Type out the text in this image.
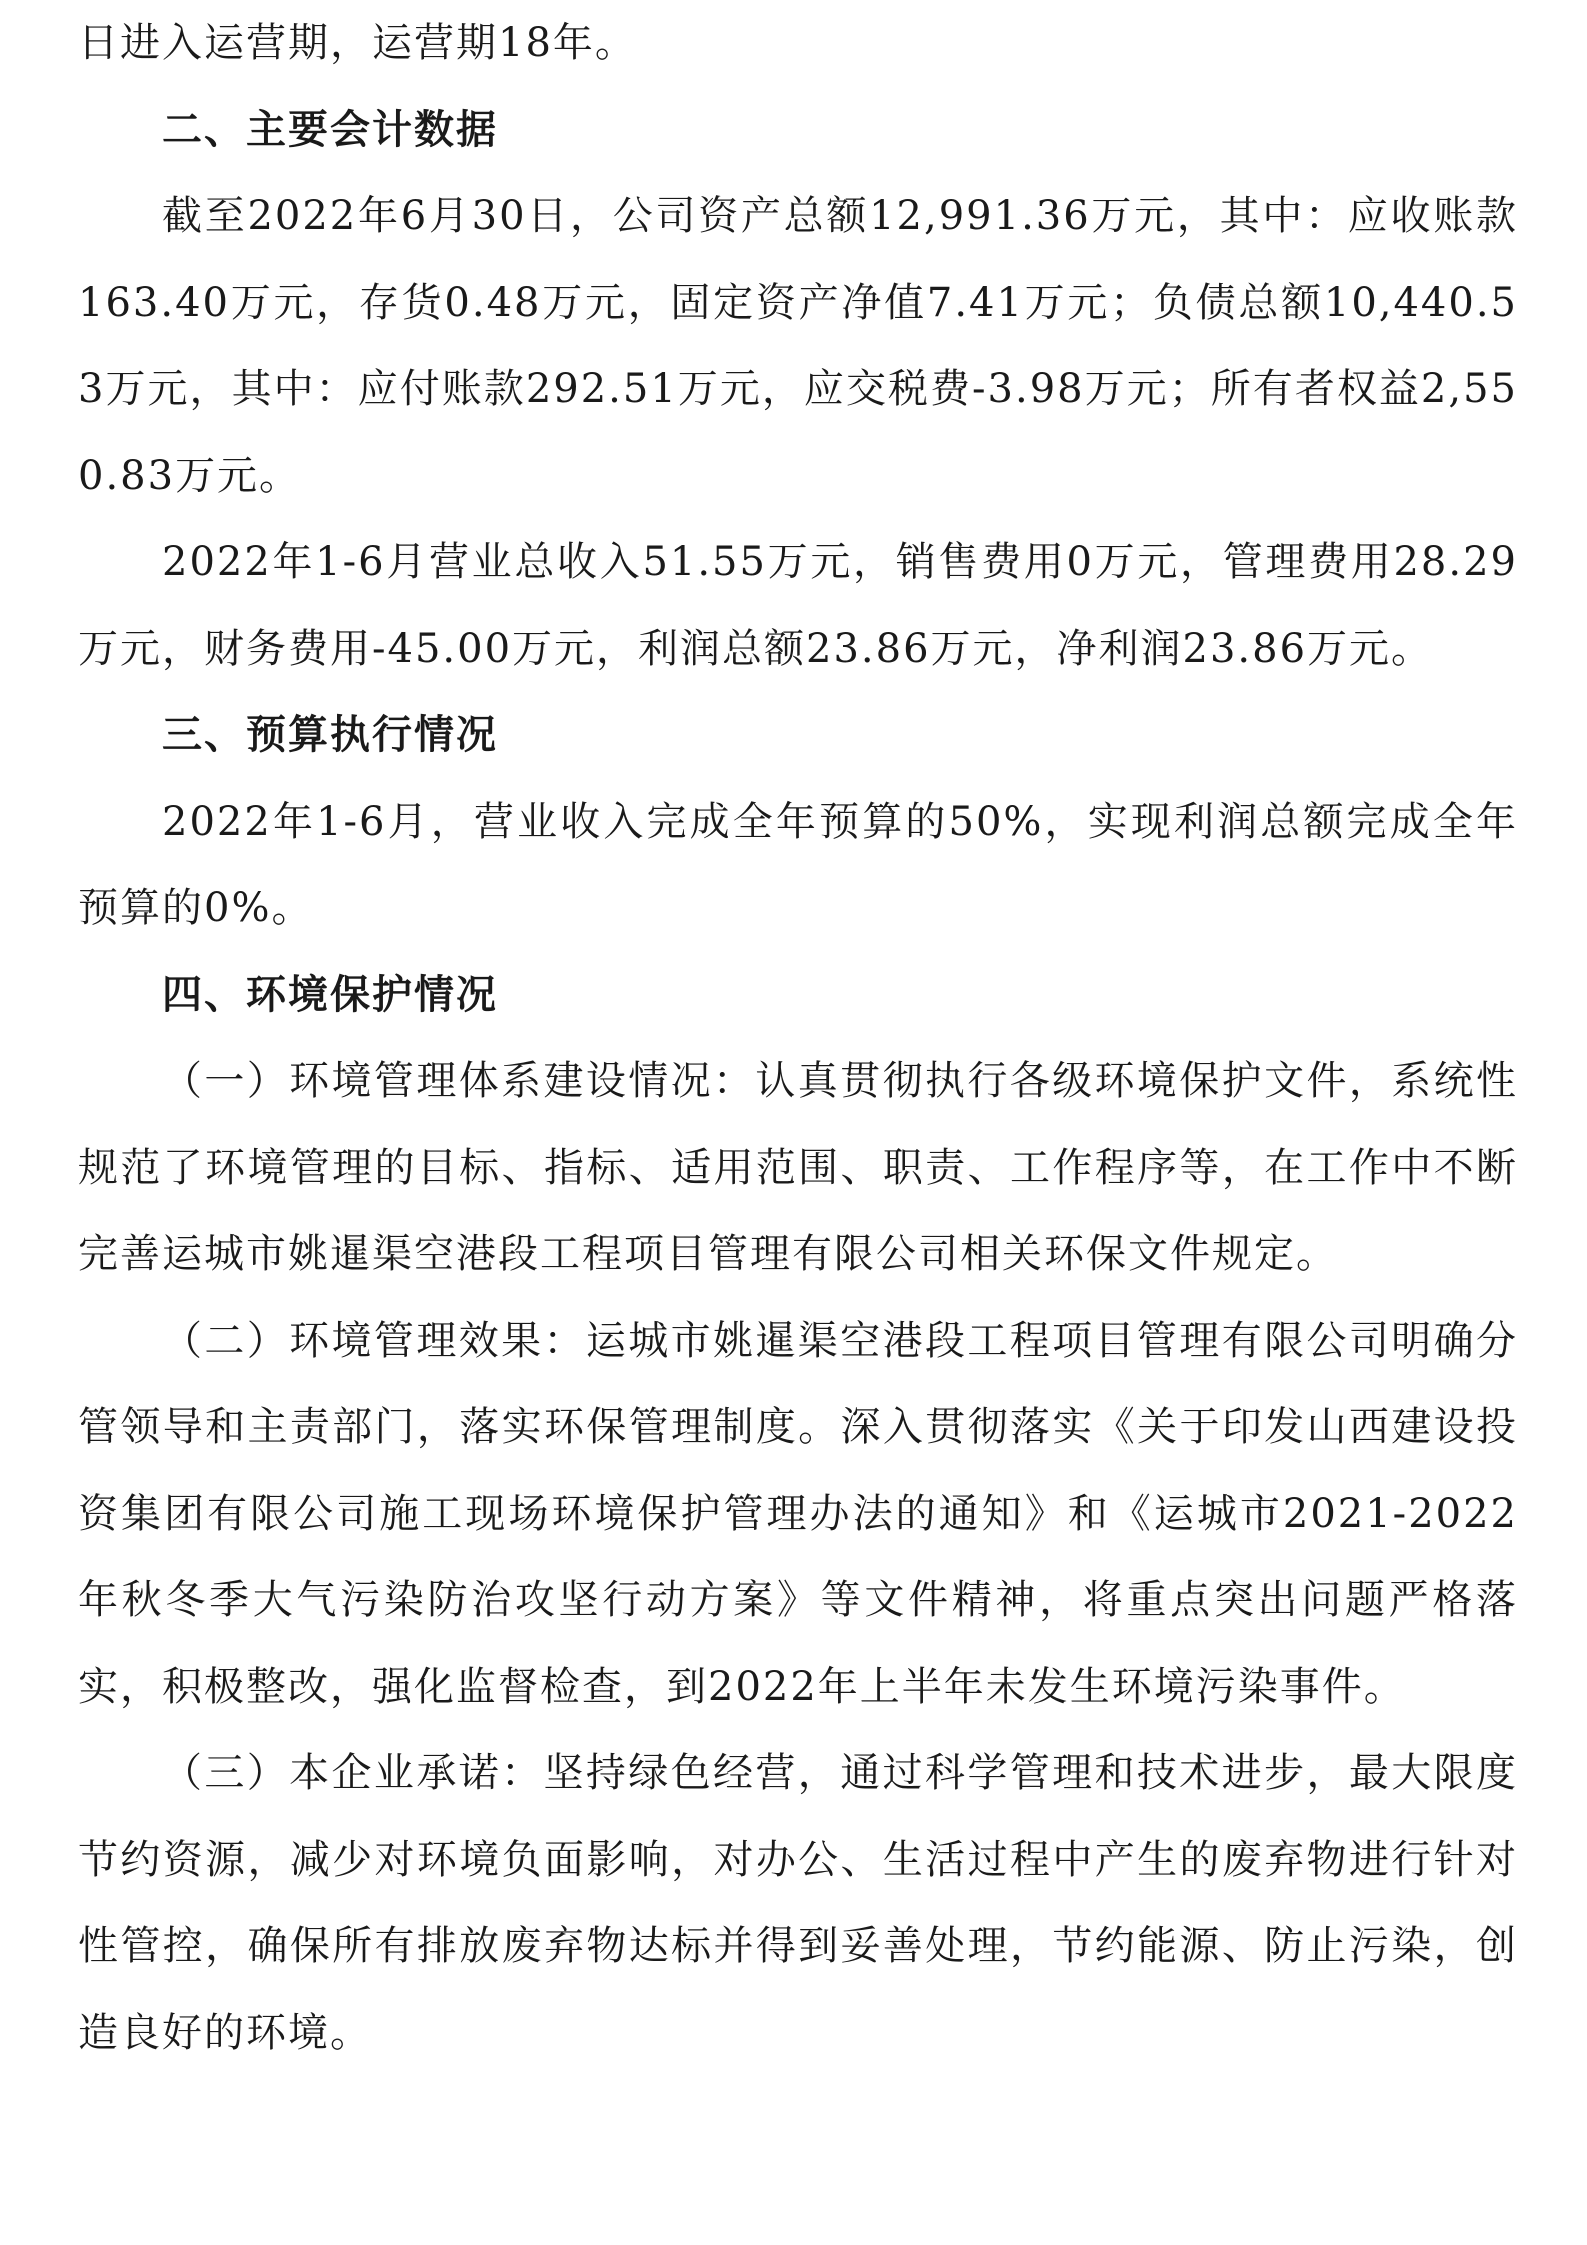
日进入运营期，运营期18年。

二、主要会计数据

截至2022年6月30日，公司资产总额12,991.36万元，其中：应收账款163.40万元，存货0.48万元，固定资产净值7.41万元；负债总额10,440.53万元，其中：应付账款292.51万元，应交税费-3.98万元；所有者权益2,550.83万元。

2022年1-6月营业总收入51.55万元，销售费用0万元，管理费用28.29万元，财务费用-45.00万元，利润总额23.86万元，净利润23.86万元。

三、预算执行情况

2022年1-6月，营业收入完成全年预算的50%，实现利润总额完成全年预算的0%。

四、环境保护情况

（一）环境管理体系建设情况：认真贯彻执行各级环境保护文件，系统性规范了环境管理的目标、指标、适用范围、职责、工作程序等，在工作中不断完善运城市姚暹渠空港段工程项目管理有限公司相关环保文件规定。

（二）环境管理效果：运城市姚暹渠空港段工程项目管理有限公司明确分管领导和主责部门，落实环保管理制度。深入贯彻落实《关于印发山西建设投资集团有限公司施工现场环境保护管理办法的通知》和《运城市2021-2022年秋冬季大气污染防治攻坚行动方案》等文件精神，将重点突出问题严格落实，积极整改，强化监督检查，到2022年上半年未发生环境污染事件。

（三）本企业承诺：坚持绿色经营，通过科学管理和技术进步，最大限度节约资源，减少对环境负面影响，对办公、生活过程中产生的废弃物进行针对性管控，确保所有排放废弃物达标并得到妥善处理，节约能源、防止污染，创造良好的环境。
